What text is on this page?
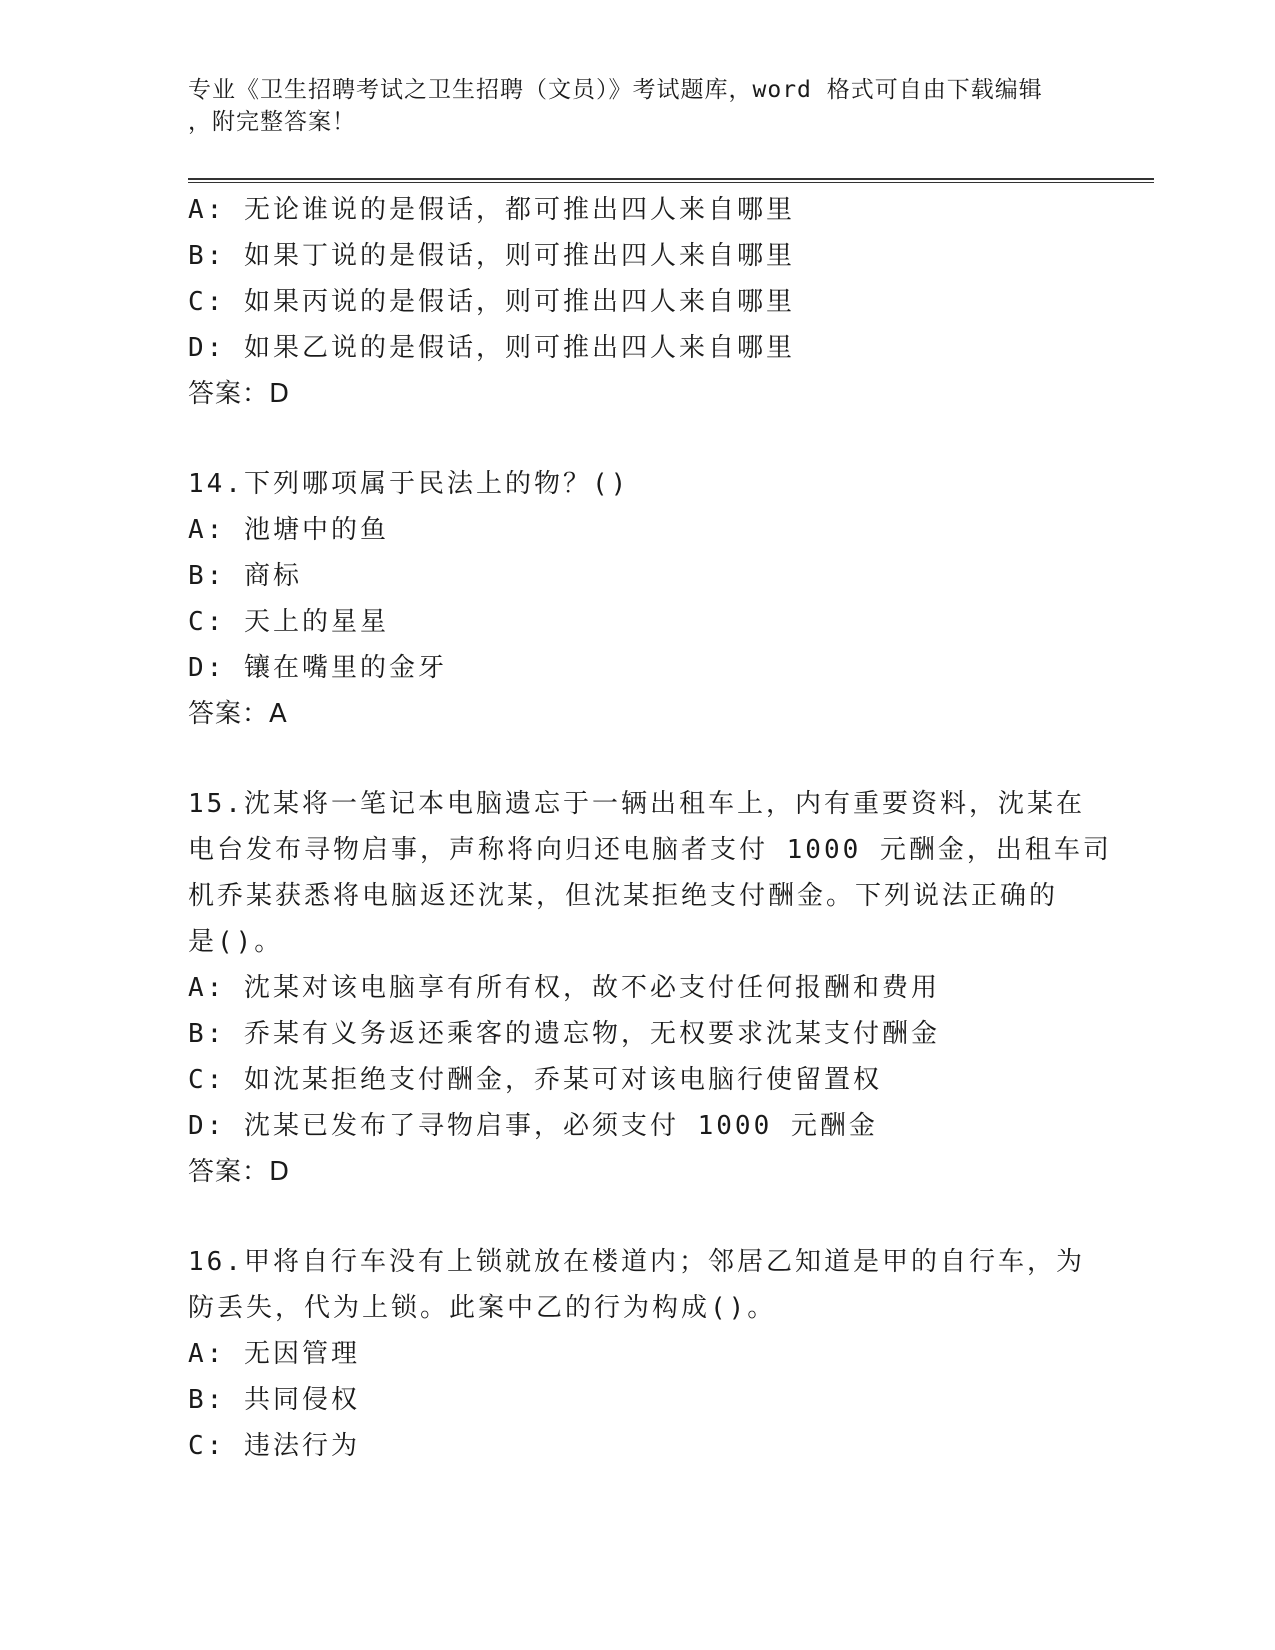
专业《卫生招聘考试之卫生招聘（文员）》考试题库，word 格式可自由下载编辑
，附完整答案！
A: 无论谁说的是假话，都可推出四人来自哪里
B: 如果丁说的是假话，则可推出四人来自哪里
C: 如果丙说的是假话，则可推出四人来自哪里
D: 如果乙说的是假话，则可推出四人来自哪里
答案：D
14.下列哪项属于民法上的物？()
A: 池塘中的鱼
B: 商标
C: 天上的星星
D: 镶在嘴里的金牙
答案：A
15.沈某将一笔记本电脑遗忘于一辆出租车上，内有重要资料，沈某在
电台发布寻物启事，声称将向归还电脑者支付 1000 元酬金，出租车司
机乔某获悉将电脑返还沈某，但沈某拒绝支付酬金。下列说法正确的
是()。
A: 沈某对该电脑享有所有权，故不必支付任何报酬和费用
B: 乔某有义务返还乘客的遗忘物，无权要求沈某支付酬金
C: 如沈某拒绝支付酬金，乔某可对该电脑行使留置权
D: 沈某已发布了寻物启事，必须支付 1000 元酬金
答案：D
16.甲将自行车没有上锁就放在楼道内；邻居乙知道是甲的自行车，为
防丢失，代为上锁。此案中乙的行为构成()。
A: 无因管理
B: 共同侵权
C: 违法行为
